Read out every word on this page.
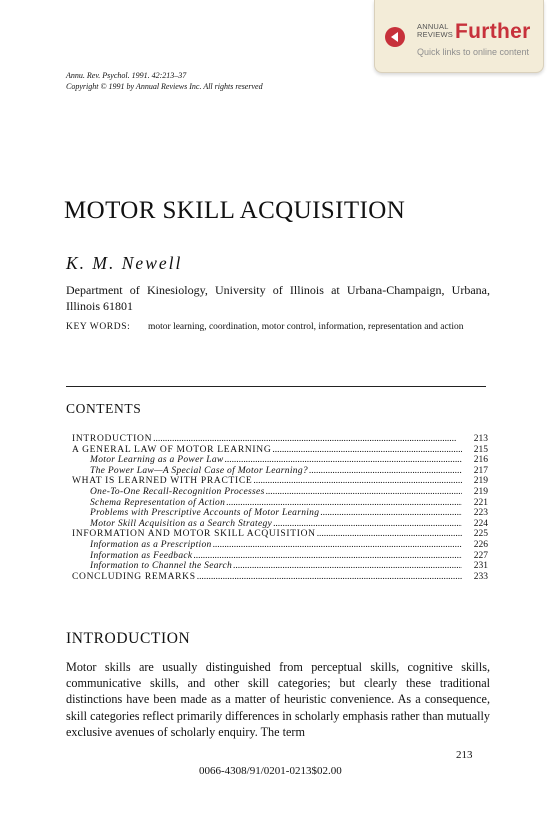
ANNUAL
REVIEWS Further
Quick links to online content
Annu. Rev. Psychol. 1991. 42:213–37
Copyright © 1991 by Annual Reviews Inc. All rights reserved
MOTOR SKILL ACQUISITION
K. M. Newell
Department of Kinesiology, University of Illinois at Urbana-Champaign, Urbana, Illinois 61801
KEY WORDS: motor learning, coordination, motor control, information, representation and action
CONTENTS
INTRODUCTION . . .	213
A GENERAL LAW OF MOTOR LEARNING . . .	215
Motor Learning as a Power Law . . .	216
The Power Law—A Special Case of Motor Learning? . . .	217
WHAT IS LEARNED WITH PRACTICE . . .	219
One-To-One Recall-Recognition Processes . . .	219
Schema Representation of Action . . .	221
Problems with Prescriptive Accounts of Motor Learning . . .	223
Motor Skill Acquisition as a Search Strategy . . .	224
INFORMATION AND MOTOR SKILL ACQUISITION . . .	225
Information as a Prescription . . .	226
Information as Feedback . . .	227
Information to Channel the Search . . .	231
CONCLUDING REMARKS . . .	233
INTRODUCTION
Motor skills are usually distinguished from perceptual skills, cognitive skills, communicative skills, and other skill categories; but clearly these traditional distinctions have been made as a matter of heuristic convenience. As a consequence, skill categories reflect primarily differences in scholarly emphasis rather than mutually exclusive avenues of scholarly enquiry. The term
213
0066-4308/91/0201-0213$02.00
